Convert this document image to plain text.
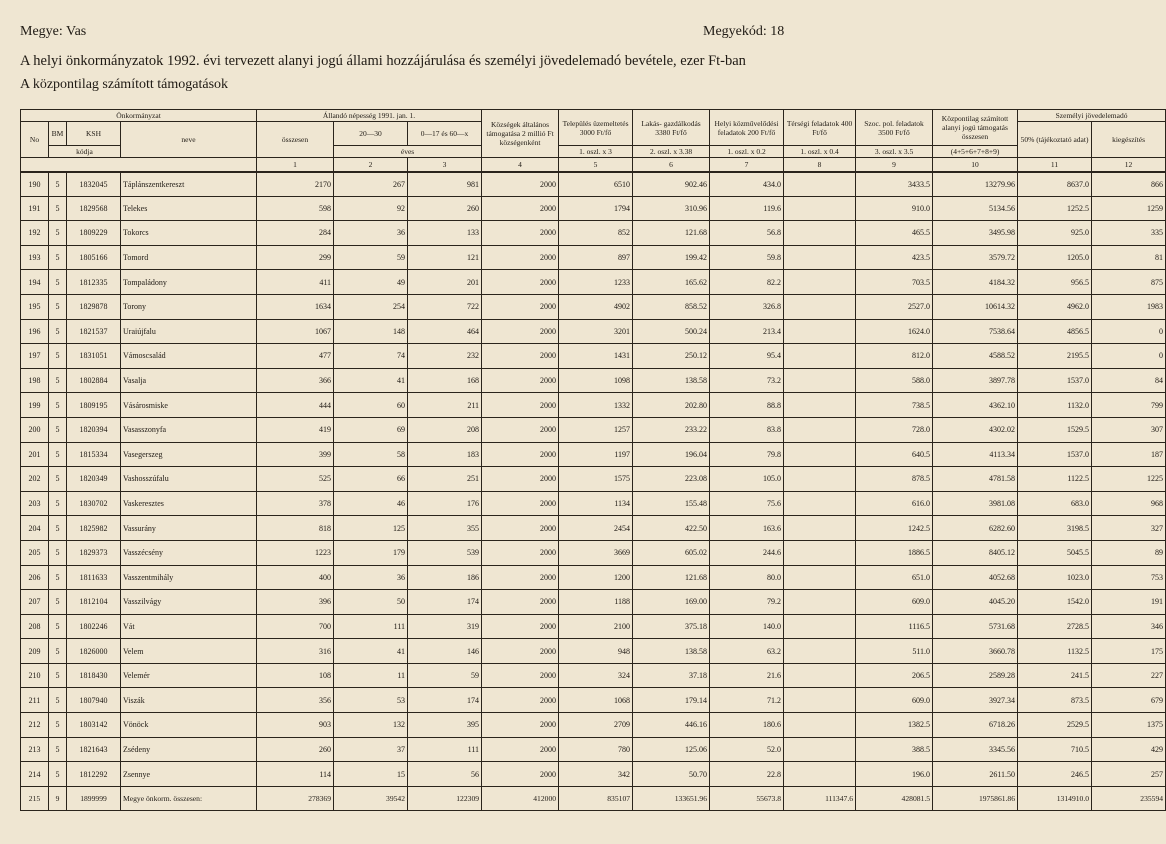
Megye: Vas	Megyekód: 18
A helyi önkormányzatok 1992. évi tervezett alanyi jogú állami hozzájárulása és személyi jövedelemadó bevétele, ezer Ft-ban
A központilag számított támogatások
Önkormányzat				Állandó népesség 1991. jan. 1.			Községek általános támogatása 2 millió Ft községenként	Település üzemeltetés 3000 Ft/fő	Lakás- gazdálkodás 3380 Ft/fő	Helyi közművelődési feladatok 200 Ft/fő	Térségi feladatok 400 Ft/fő	Szoc. pol. feladatok 3500 Ft/fő	Központilag számított alanyi jogú támogatás összesen	Személyi jövedelemadó	
No	BM	KSH	neve	összesen	20—30	0—17 és 60—x								50% (tájékoztató adat)	kiegészítés
	kódja				éves			1. oszl. x 3	2. oszl. x 3.38	1. oszl. x 0.2	1. oszl. x 0.4	3. oszl. x 3.5	(4+5+6+7+8+9)		
				1	2	3	4	5	6	7	8	9	10	11	12
190	5	1832045	Táplánszentkereszt	2170	267	981	2000	6510	902.46	434.0		3433.5	13279.96	8637.0	866
191	5	1829568	Telekes	598	92	260	2000	1794	310.96	119.6		910.0	5134.56	1252.5	1259
192	5	1809229	Tokorcs	284	36	133	2000	852	121.68	56.8		465.5	3495.98	925.0	335
193	5	1805166	Tomord	299	59	121	2000	897	199.42	59.8		423.5	3579.72	1205.0	81
194	5	1812335	Tompaládony	411	49	201	2000	1233	165.62	82.2		703.5	4184.32	956.5	875
195	5	1829878	Torony	1634	254	722	2000	4902	858.52	326.8		2527.0	10614.32	4962.0	1983
196	5	1821537	Uraiújfalu	1067	148	464	2000	3201	500.24	213.4		1624.0	7538.64	4856.5	0
197	5	1831051	Vámoscsalád	477	74	232	2000	1431	250.12	95.4		812.0	4588.52	2195.5	0
198	5	1802884	Vasalja	366	41	168	2000	1098	138.58	73.2		588.0	3897.78	1537.0	84
199	5	1809195	Vásárosmiske	444	60	211	2000	1332	202.80	88.8		738.5	4362.10	1132.0	799
200	5	1820394	Vasasszonyfa	419	69	208	2000	1257	233.22	83.8		728.0	4302.02	1529.5	307
201	5	1815334	Vasegerszeg	399	58	183	2000	1197	196.04	79.8		640.5	4113.34	1537.0	187
202	5	1820349	Vashosszúfalu	525	66	251	2000	1575	223.08	105.0		878.5	4781.58	1122.5	1225
203	5	1830702	Vaskeresztes	378	46	176	2000	1134	155.48	75.6		616.0	3981.08	683.0	968
204	5	1825982	Vassurány	818	125	355	2000	2454	422.50	163.6		1242.5	6282.60	3198.5	327
205	5	1829373	Vasszécsény	1223	179	539	2000	3669	605.02	244.6		1886.5	8405.12	5045.5	89
206	5	1811633	Vasszentmihály	400	36	186	2000	1200	121.68	80.0		651.0	4052.68	1023.0	753
207	5	1812104	Vasszilvágy	396	50	174	2000	1188	169.00	79.2		609.0	4045.20	1542.0	191
208	5	1802246	Vát	700	111	319	2000	2100	375.18	140.0		1116.5	5731.68	2728.5	346
209	5	1826000	Velem	316	41	146	2000	948	138.58	63.2		511.0	3660.78	1132.5	175
210	5	1818430	Velemér	108	11	59	2000	324	37.18	21.6		206.5	2589.28	241.5	227
211	5	1807940	Viszák	356	53	174	2000	1068	179.14	71.2		609.0	3927.34	873.5	679
212	5	1803142	Vönöck	903	132	395	2000	2709	446.16	180.6		1382.5	6718.26	2529.5	1375
213	5	1821643	Zsédeny	260	37	111	2000	780	125.06	52.0		388.5	3345.56	710.5	429
214	5	1812292	Zsennye	114	15	56	2000	342	50.70	22.8		196.0	2611.50	246.5	257
215	9	1899999	Megye önkorm. összesen:	278369	39542	122309	412000	835107	133651.96	55673.8	111347.6	428081.5	1975861.86	1314910.0	235594
